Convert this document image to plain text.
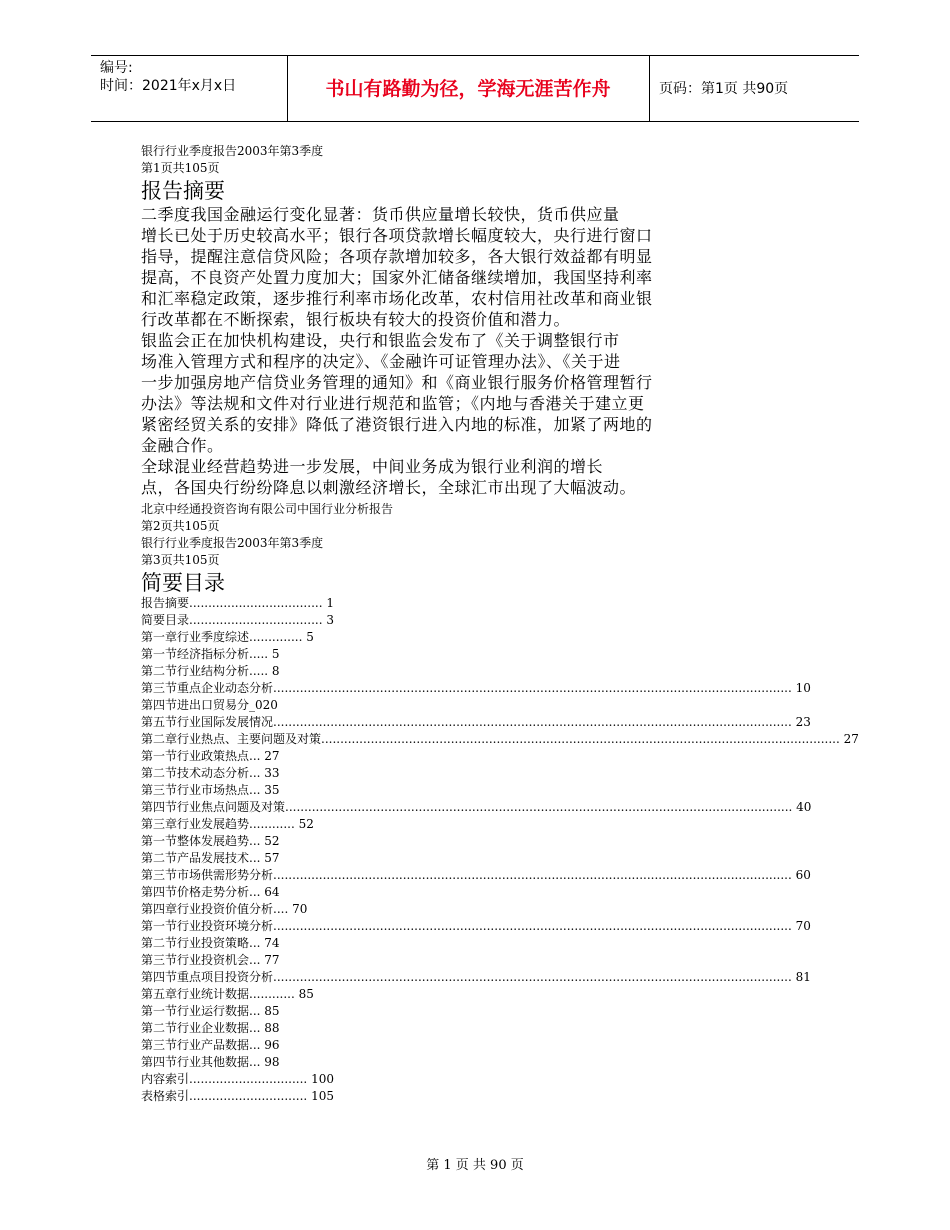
编号:
时间：2021年x月x日	书山有路勤为径，学海无涯苦作舟	页码：第1页 共90页
银行行业季度报告2003年第3季度
第1页共105页
报告摘要
二季度我国金融运行变化显著：货币供应量增长较快，货币供应量
增长已处于历史较高水平；银行各项贷款增长幅度较大，央行进行窗口
指导，提醒注意信贷风险；各项存款增加较多，各大银行效益都有明显
提高，不良资产处置力度加大；国家外汇储备继续增加，我国坚持利率
和汇率稳定政策，逐步推行利率市场化改革，农村信用社改革和商业银
行改革都在不断探索，银行板块有较大的投资价值和潜力。
银监会正在加快机构建设，央行和银监会发布了《关于调整银行市
场准入管理方式和程序的决定》、《金融许可证管理办法》、《关于进
一步加强房地产信贷业务管理的通知》和《商业银行服务价格管理暂行
办法》等法规和文件对行业进行规范和监管；《内地与香港关于建立更
紧密经贸关系的安排》降低了港资银行进入内地的标准，加紧了两地的
金融合作。
全球混业经营趋势进一步发展，中间业务成为银行业利润的增长
点，各国央行纷纷降息以刺激经济增长，全球汇市出现了大幅波动。
北京中经通投资咨询有限公司中国行业分析报告
第2页共105页
银行行业季度报告2003年第3季度
第3页共105页
简要目录
报告摘要................................... 1
简要目录................................... 3
第一章行业季度综述.............. 5
第一节经济指标分析..... 5
第二节行业结构分析..... 8
第三节重点企业动态分析........................................................................................................................................ 10
第四节进出口贸易分_020
第五节行业国际发展情况........................................................................................................................................ 23
第二章行业热点、主要问题及对策........................................................................................................................................ 27
第一节行业政策热点... 27
第二节技术动态分析... 33
第三节行业市场热点... 35
第四节行业焦点问题及对策..................................................................................................................................... 40
第三章行业发展趋势............ 52
第一节整体发展趋势... 52
第二节产品发展技术... 57
第三节市场供需形势分析........................................................................................................................................ 60
第四节价格走势分析... 64
第四章行业投资价值分析.... 70
第一节行业投资环境分析........................................................................................................................................ 70
第二节行业投资策略... 74
第三节行业投资机会... 77
第四节重点项目投资分析........................................................................................................................................ 81
第五章行业统计数据............ 85
第一节行业运行数据... 85
第二节行业企业数据... 88
第三节行业产品数据... 96
第四节行业其他数据... 98
内容索引............................... 100
表格索引............................... 105
第 1 页 共 90 页
